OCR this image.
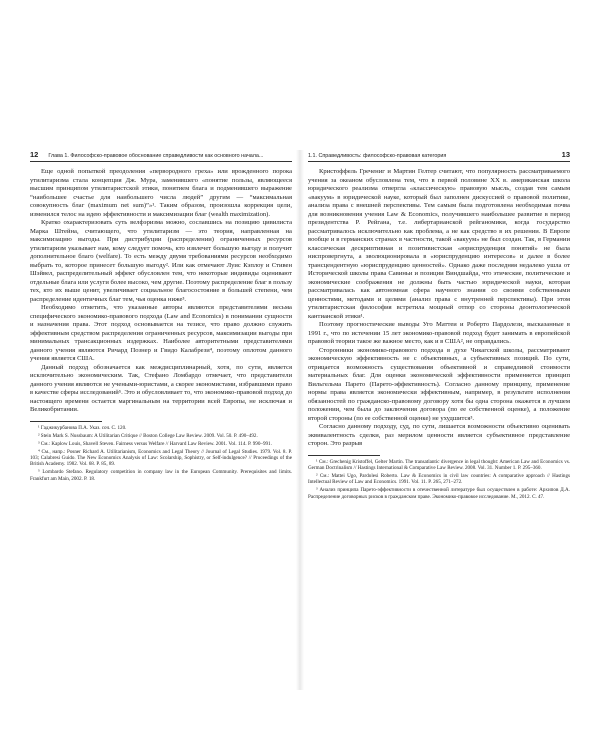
12 Глава 1. Философско-правовое обоснование справедливости как основного начала...

Еще одной попыткой преодоления «первородного греха» или врожденного порока утилитаризма стала концепция Дж. Мура, заменившего «понятие пользы, являющееся высшим принципом утилитаристской этики, понятием блага и подменившего выражение “наибольшее счастье для наибольшего числа людей” другим — “максимальная совокупность благ (maximum net sum)”»¹. Таким образом, произошла коррекция цели, изменился телос на идею эффективности и максимизации благ (wealth maximization).

Кратко охарактеризовать суть велфэризма можно, сославшись на позицию цивилиста Марка Штейна, считающего, что утилитаризм — это теория, направленная на максимизацию выгоды. При дистрибуции (распределении) ограниченных ресурсов утилитаризм указывает нам, кому следует помочь, кто извлечет большую выгоду и получит дополнительное благо (welfare). То есть между двумя требованиями ресурсов необходимо выбрать то, которое принесет большую выгоду². Или как отмечают Луис Кэплоу и Стивен Шэйвел, распределительный эффект обусловлен тем, что некоторые индивиды оценивают отдельные блага или услуги более высоко, чем другие. Поэтому распределение благ в пользу тех, кто их выше ценит, увеличивает социальное благосостояние в большей степени, чем распределение идентичных благ тем, чья оценка ниже³.

Необходимо отметить, что указанные авторы являются представителями весьма специфического экономико-правового подхода (Law and Economics) в понимании сущности и назначения права. Этот подход основывается на тезисе, что право должно служить эффективным средством распределения ограниченных ресурсов, максимизации выгоды при минимальных трансакционных издержках. Наиболее авторитетными представителями данного учения являются Ричард Познер и Гвидо Калабрези⁴, поэтому оплотом данного учения является США.

Данный подход обозначается как междисциплинарный, хотя, по сути, является исключительно экономическим. Так, Стефано Ломбардо отмечает, что представители данного учения являются не учеными-юристами, а скорее экономистами, избравшими право в качестве сферы исследований⁵. Это и обусловливает то, что экономико-правовой подход до настоящего времени остается маргинальным на территории всей Европы, не исключая и Великобритании.

¹ Гаджикурбанова П.А. Указ. соч. С. 120.

² Stein Mark S. Nussbaum: A Utilitarian Critique // Boston College Law Review. 2009. Vol. 50. P. 490–492.

³ См.: Kaplow Louis, Shavell Steven. Fairness versus Welfare // Harvard Law Review. 2001. Vol. 114. P. 990–991.

⁴ См., напр.: Posner Richard A. Utilitarianism, Economics and Legal Theory // Journal of Legal Studies. 1979. Vol. 8. P. 103; Calabresi Guido. The New Economics Analysis of Law: Scolarship, Sophistry, or Self-indulgence? // Proceedings of the British Academy. 1982. Vol. 68. P. 85, 89.

⁵ Lombardo Stefano. Regulatory competition in company law in the European Community. Prerequisites and limits. Frankfurt am Main, 2002. P. 18.

1.1. Справедливость: философско-правовая категория	13

Кристоффель Гречениг и Мартин Гелтер считают, что популярность рассматриваемого учения за океаном обусловлена тем, что в первой половине XX в. американская школа юридического реализма отвергла «классическую» правовую мысль, создав тем самым «вакуум» в юридической науке, который был заполнен дискуссией о правовой политике, анализа права с внешней перспективы. Тем самым была подготовлена необходимая почва для возникновения учения Law & Economics, получившего наибольшее развитие в период президентства Р. Рейгана, т.е. либертарианской рейганомики, когда государство рассматривалось исключительно как проблема, а не как средство в их решении. В Европе вообще и в германских странах в частности, такой «вакуум» не был создан. Так, в Германии классическая дескриптивная и позитивистская «юриспруденция понятий» не была ниспровергнута, а эволюционировала в «юриспруденцию интересов» и далее в более трансцендентную «юриспруденцию ценностей». Однако даже последняя недалеко ушла от Исторической школы права Савиньи и позиции Виндшайда, что этические, политические и экономические соображения не должны быть частью юридической науки, которая рассматривалась как автономная сфера научного знания со своими собственными ценностями, методами и целями (анализ права с внутренней перспективы). При этом утилитаристская философия встретила мощный отпор со стороны деонтологической кантианской этики¹.

Поэтому прогностические выводы Уго Маттеи и Роберто Пардолези, высказанные в 1991 г., что по истечении 15 лет экономико-правовой подход будет занимать в европейской правовой теории такое же важное место, как и в США², не оправдались.

Сторонники экономико-правового подхода в духе Чикагской школы, рассматривают экономическую эффективность не с объективных, а субъективных позиций. По сути, отрицается возможность существования объективной и справедливой стоимости материальных благ. Для оценки экономической эффективности применяется принцип Вильгельма Парето (Парето-эффективность). Согласно данному принципу, применение нормы права является экономически эффективным, например, в результате исполнения обязанностей по гражданско-правовому договору хотя бы одна сторона окажется в лучшем положении, чем была до заключения договора (по ее собственной оценке), а положение второй стороны (по ее собственной оценке) не ухудшится³.

Согласно данному подходу, суд, по сути, лишается возможности объективно оценивать эквивалентность сделки, раз мерилом ценности является субъективное представление сторон. Это разрыв

¹ См.: Grechenig Kristoffel, Gelter Martin. The transatlantic divergence in legal thought: American Law and Economics vs. German Doctrinalism // Hastings International & Comparative Law Review. 2008. Vol. 31. Number 1. P. 295–360.

² См.: Mattei Ugo, Pardolesi Roberto. Law & Economics in civil law countries: A comparative approach // Hastings Intellectual Review of Law and Economics. 1991. Vol. 11. P. 265, 271–272.

³ Анализ принципа Парето-эффективности в отечественной литературе был осуществлен в работе: Архипов Д.А. Распределение договорных рисков в гражданском праве. Экономико-правовое исследование. М., 2012. С. 47.
